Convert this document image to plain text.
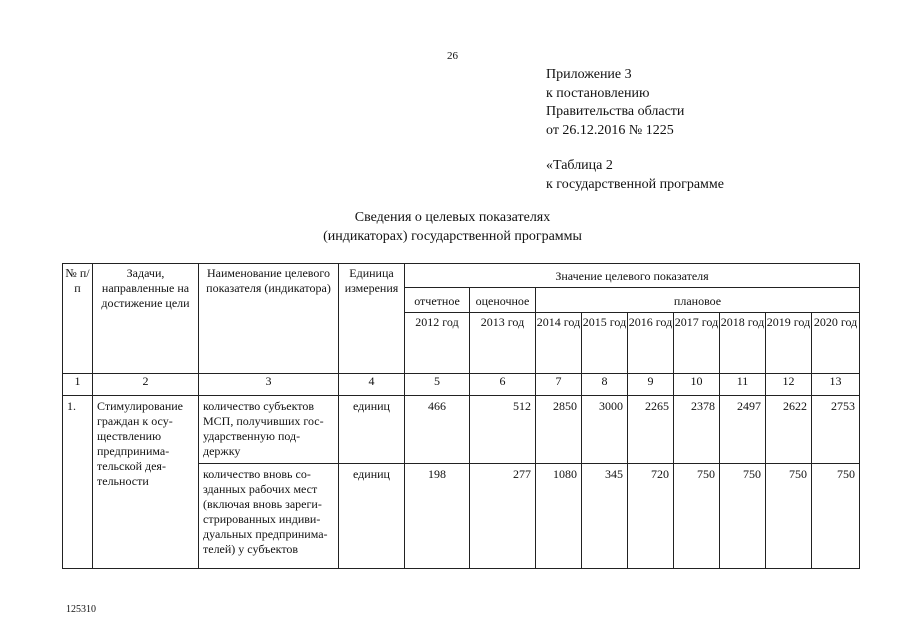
26
Приложение 3
к постановлению
Правительства области
от 26.12.2016 № 1225
«Таблица 2
к государственной программе
Сведения о целевых показателях
(индикаторах) государственной программы
№ п/п	Задачи, направленные на достижение цели	Наименование целевого показателя (индикатора)	Единица измерения	Значение целевого показателя								
				отчетное	оценочное	плановое						
				2012 год	2013 год	2014 год	2015 год	2016 год	2017 год	2018 год	2019 год	2020 год
1	2	3	4	5	6	7	8	9	10	11	12	13
1.	Стимулирование граждан к осу-ществлению предпринима-тельской дея-тельности	количество субъектов МСП, получивших гос-ударственную под-держку	единиц	466	512	2850	3000	2265	2378	2497	2622	2753
		количество вновь со-зданных рабочих мест (включая вновь зареги-стрированных индиви-дуальных предпринима-телей) у субъектов	единиц	198	277	1080	345	720	750	750	750	750
125310
